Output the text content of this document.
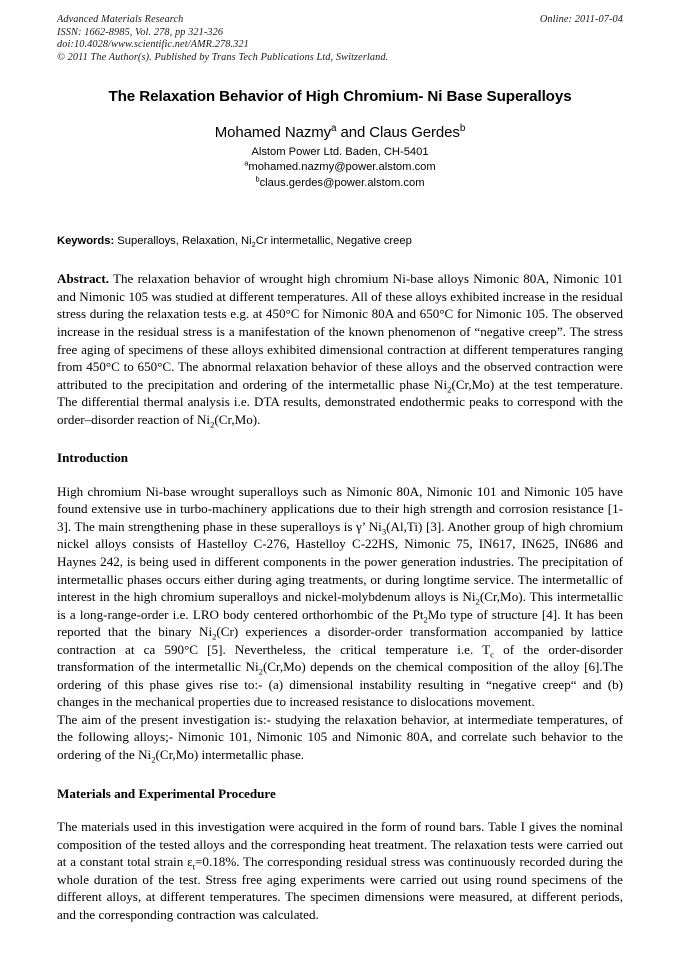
Online: 2011-07-04
Advanced Materials Research
ISSN: 1662-8985, Vol. 278, pp 321-326
doi:10.4028/www.scientific.net/AMR.278.321
© 2011 The Author(s). Published by Trans Tech Publications Ltd, Switzerland.
The Relaxation Behavior of High Chromium- Ni Base Superalloys
Mohamed Nazmy$^a$ and Claus Gerdes$^b$
Alstom Power Ltd. Baden, CH-5401
$^a$mohamed.nazmy@power.alstom.com
$^b$claus.gerdes@power.alstom.com
Keywords: Superalloys, Relaxation, $Ni_2Cr$ intermetallic, Negative creep

Abstract. The relaxation behavior of wrought high chromium Ni-base alloys Nimonic 80A, Nimonic 101 and Nimonic 105 was studied at different temperatures. All of these alloys exhibited increase in the residual stress during the relaxation tests e.g. at 450°C for Nimonic 80A and 650°C for Nimonic 105. The observed increase in the residual stress is a manifestation of the known phenomenon of “negative creep”. The stress free aging of specimens of these alloys exhibited dimensional contraction at different temperatures ranging from 450°C to 650°C. The abnormal relaxation behavior of these alloys and the observed contraction were attributed to the precipitation and ordering of the intermetallic phase $Ni_2(Cr,Mo)$ at the test temperature. The differential thermal analysis i.e. DTA results, demonstrated endothermic peaks to correspond with the order–disorder reaction of $Ni_2(Cr,Mo)$.

Introduction

High chromium Ni-base wrought superalloys such as Nimonic 80A, Nimonic 101 and Nimonic 105 have found extensive use in turbo-machinery applications due to their high strength and corrosion resistance [1-3]. The main strengthening phase in these superalloys is γ’ $Ni_3(Al,Ti)$ [3]. Another group of high chromium nickel alloys consists of Hastelloy C-276, Hastelloy C-22HS, Nimonic 75, IN617, IN625, IN686 and Haynes 242, is being used in different components in the power generation industries. The precipitation of intermetallic phases occurs either during aging treatments, or during longtime service. The intermetallic of interest in the high chromium superalloys and nickel-molybdenum alloys is $Ni_2(Cr,Mo)$. This intermetallic is a long-range-order i.e. LRO body centered orthorhombic of the $Pt_2Mo$ type of structure [4]. It has been reported that the binary $Ni_2(Cr)$ experiences a disorder-order transformation accompanied by lattice contraction at ca 590°C [5]. Nevertheless, the critical temperature i.e. $T_c$ of the order-disorder transformation of the intermetallic $Ni_2(Cr,Mo)$ depends on the chemical composition of the alloy [6].The ordering of this phase gives rise to:- (a) dimensional instability resulting in “negative creep“ and (b) changes in the mechanical properties due to increased resistance to dislocations movement.

The aim of the present investigation is:- studying the relaxation behavior, at intermediate temperatures, of the following alloys;- Nimonic 101, Nimonic 105 and Nimonic 80A, and correlate such behavior to the ordering of the $Ni_2(Cr,Mo)$ intermetallic phase.

Materials and Experimental Procedure

The materials used in this investigation were acquired in the form of round bars. Table I gives the nominal composition of the tested alloys and the corresponding heat treatment. The relaxation tests were carried out at a constant total strain $\varepsilon_t=0.18\%$. The corresponding residual stress was continuously recorded during the whole duration of the test. Stress free aging experiments were carried out using round specimens of the different alloys, at different temperatures. The specimen dimensions were measured, at different periods, and the corresponding contraction was calculated.
